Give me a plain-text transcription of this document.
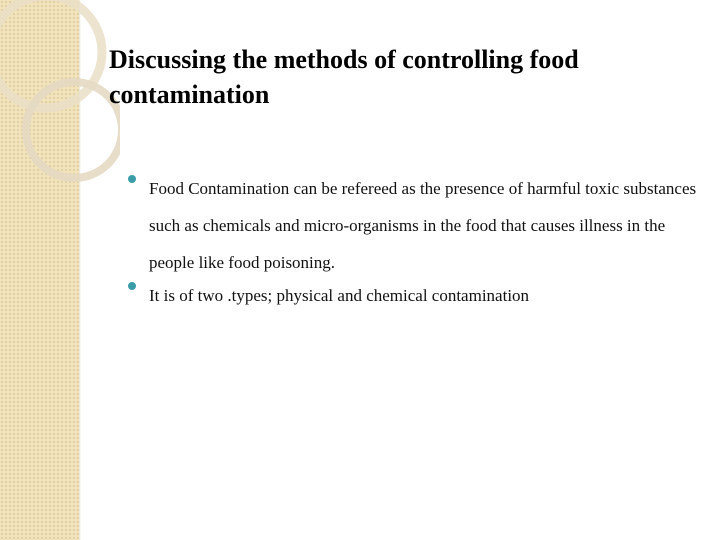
Discussing the methods of controlling food contamination
Food Contamination can be refereed as the presence of harmful toxic substances such as chemicals and micro-organisms in the food that causes illness in the people like food poisoning.
It is of two .types; physical and chemical contamination
